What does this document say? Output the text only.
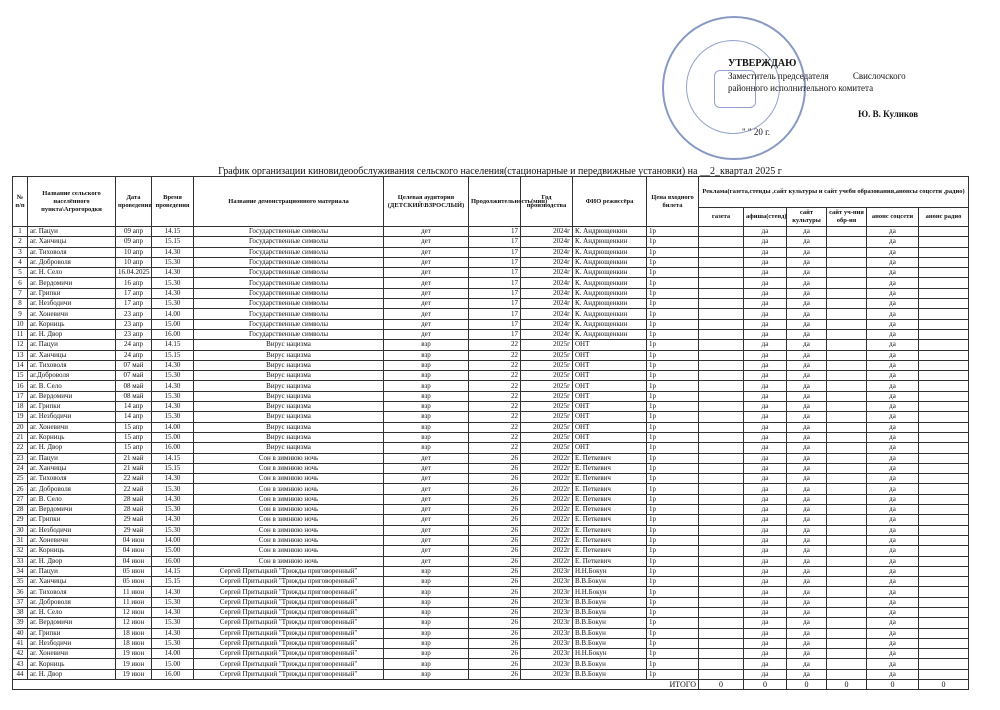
УТВЕРЖДАЮ
Заместитель председателя	Свислочского
районного исполнительного комитета
Ю. В. Куликов
" " 20 г.
График организации киновидеообслуживания сельского населения(стационарные и передвижные установки) на __2_квартал 2025 г
№ п/п	Название сельского населённого пункта\Агрогородки	Дата проведения	Время проведения	Название демонстрационного материала	Целевая аудитория (ДЕТСКИЙ\ВЗРОСЛЫЙ)	Продолжительность(мин)	Год производства	ФИО режиссёра	Цена входного билета	Реклама(газета,стенды ,сайт культуры и сайт учебн образования,анонсы соцсети ,радио)					
										газета	афиша(стенд)	сайт культуры	сайт уч-ния обр-ия	анонс соцсети	анонс радио
1	аг. Пацуи	09 апр	14.15	Государственные символы	дет	17	2024г	К. Андрющенкин	1р		да	да		да	
2	аг. Ханчицы	09 апр	15.15	Государственные символы	дет	17	2024г	К. Андрющенкин	1р		да	да		да	
3	аг. Тиховоля	10 апр	14.30	Государственные символы	дет	17	2024г	К. Андрющенкин	1р		да	да		да	
4	аг. Доброволя	10 апр	15.30	Государственные символы	дет	17	2024г	К. Андрющенкин	1р		да	да		да	
5	аг. Н. Село	16.04.2025	14.30	Государственные символы	дет	17	2024г	К. Андрющенкин	1р		да	да		да	
6	аг. Вердомичи	16 апр	15.30	Государственные символы	дет	17	2024г	К. Андрющенкин	1р		да	да		да	
7	аг. Грипки	17 апр	14.30	Государственные символы	дет	17	2024г	К. Андрющенкин	1р		да	да		да	
8	аг. Незбодичи	17 апр	15.30	Государственные символы	дет	17	2024г	К. Андрющенкин	1р		да	да		да	
9	аг. Хоневичи	23 апр	14.00	Государственные символы	дет	17	2024г	К. Андрющенкин	1р		да	да		да	
10	аг. Корниць	23 апр	15.00	Государственные символы	дет	17	2024г	К. Андрющенкин	1р		да	да		да	
11	аг. Н. Двор	23 апр	16.00	Государственные символы	дет	17	2024г	К. Андрющенкин	1р		да	да		да	
12	аг. Пацуи	24 апр	14.15	Вирус нацизма	взр	22	2025г	ОНТ	1р		да	да		да	
13	аг. Ханчицы	24 апр	15.15	Вирус нацизма	взр	22	2025г	ОНТ	1р		да	да		да	
14	аг. Тиховоля	07 май	14.30	Вирус нацизма	взр	22	2025г	ОНТ	1р		да	да		да	
15	аг.Доброволя	07 май	15.30	Вирус нацизма	взр	22	2025г	ОНТ	1р		да	да		да	
16	аг. В. Село	08 май	14.30	Вирус нацизма	взр	22	2025г	ОНТ	1р		да	да		да	
17	аг. Вердомичи	08 май	15.30	Вирус нацизма	взр	22	2025г	ОНТ	1р		да	да		да	
18	аг. Грипки	14 апр	14.30	Вирус нацизма	взр	22	2025г	ОНТ	1р		да	да		да	
19	аг. Незбодичи	14 апр	15.30	Вирус нацизма	взр	22	2025г	ОНТ	1р		да	да		да	
20	аг. Хоневичи	15 апр	14.00	Вирус нацизма	взр	22	2025г	ОНТ	1р		да	да		да	
21	аг. Корниць	15 апр	15.00	Вирус нацизма	взр	22	2025г	ОНТ	1р		да	да		да	
22	аг. Н. Двор	15 апр	16.00	Вирус нацизма	взр	22	2025г	ОНТ	1р		да	да		да	
23	аг. Пацуи	21 май	14.15	Сон в зимнюю ночь	дет	26	2022г	Е. Петкевич	1р		да	да		да	
24	аг. Ханчицы	21 май	15.15	Сон в зимнюю ночь	дет	26	2022г	Е. Петкевич	1р		да	да		да	
25	аг. Тиховоля	22 май	14.30	Сон в зимнюю ночь	дет	26	2022г	Е. Петкевич	1р		да	да		да	
26	аг. Доброволя	22 май	15.30	Сон в зимнюю ночь	дет	26	2022г	Е. Петкевич	1р		да	да		да	
27	аг. В. Село	28 май	14.30	Сон в зимнюю ночь	дет	26	2022г	Е. Петкевич	1р		да	да		да	
28	аг. Вердомичи	28 май	15.30	Сон в зимнюю ночь	дет	26	2022г	Е. Петкевич	1р		да	да		да	
29	аг. Грипки	29 май	14.30	Сон в зимнюю ночь	дет	26	2022г	Е. Петкевич	1р		да	да		да	
30	аг. Незбодичи	29 май	15.30	Сон в зимнюю ночь	дет	26	2022г	Е. Петкевич	1р		да	да		да	
31	аг. Хоневичи	04 июн	14.00	Сон в зимнюю ночь	дет	26	2022г	Е. Петкевич	1р		да	да		да	
32	аг. Корниць	04 июн	15.00	Сон в зимнюю ночь	дет	26	2022г	Е. Петкевич	1р		да	да		да	
33	аг. Н. Двор	04 июн	16.00	Сон в зимнюю ночь	дет	26	2022г	Е. Петкевич	1р		да	да		да	
34	аг. Пацуи	05 июн	14.15	Сергей Притыцкий "Трижды приговоренный"	взр	26	2023г	Н.Н.Бокун	1р		да	да		да	
35	аг. Ханчицы	05 июн	15.15	Сергей Притыцкий "Трижды приговоренный"	взр	26	2023г	В.В.Бокун	1р		да	да		да	
36	аг. Тиховоля	11 июн	14.30	Сергей Притыцкий "Трижды приговоренный"	взр	26	2023г	Н.Н.Бокун	1р		да	да		да	
37	аг. Доброволя	11 июн	15.30	Сергей Притыцкий "Трижды приговоренный"	взр	26	2023г	В.В.Бокун	1р		да	да		да	
38	аг. Н. Село	12 июн	14.30	Сергей Притыцкий "Трижды приговоренный"	взр	26	2023г	В.В.Бокун	1р		да	да		да	
39	аг. Вердомичи	12 июн	15.30	Сергей Притыцкий "Трижды приговоренный"	взр	26	2023г	В.В.Бокун	1р		да	да		да	
40	аг. Грипки	18 июн	14.30	Сергей Притыцкий "Трижды приговоренный"	взр	26	2023г	В.В.Бокун	1р		да	да		да	
41	аг. Незбодичи	18 июн	15.30	Сергей Притыцкий "Трижды приговоренный"	взр	26	2023г	В.В.Бокун	1р		да	да		да	
42	аг. Хоневичи	19 июн	14.00	Сергей Притыцкий "Трижды приговоренный"	взр	26	2023г	Н.Н.Бокун	1р		да	да		да	
43	аг. Корниць	19 июн	15.00	Сергей Притыцкий "Трижды приговоренный"	взр	26	2023г	В.В.Бокун	1р		да	да		да	
44	аг. Н. Двор	19 июн	16.00	Сергей Притыцкий "Трижды приговоренный"	взр	26	2023г	В.В.Бокун	1р		да	да		да	
ИТОГО										0	0	0	0	0	0
